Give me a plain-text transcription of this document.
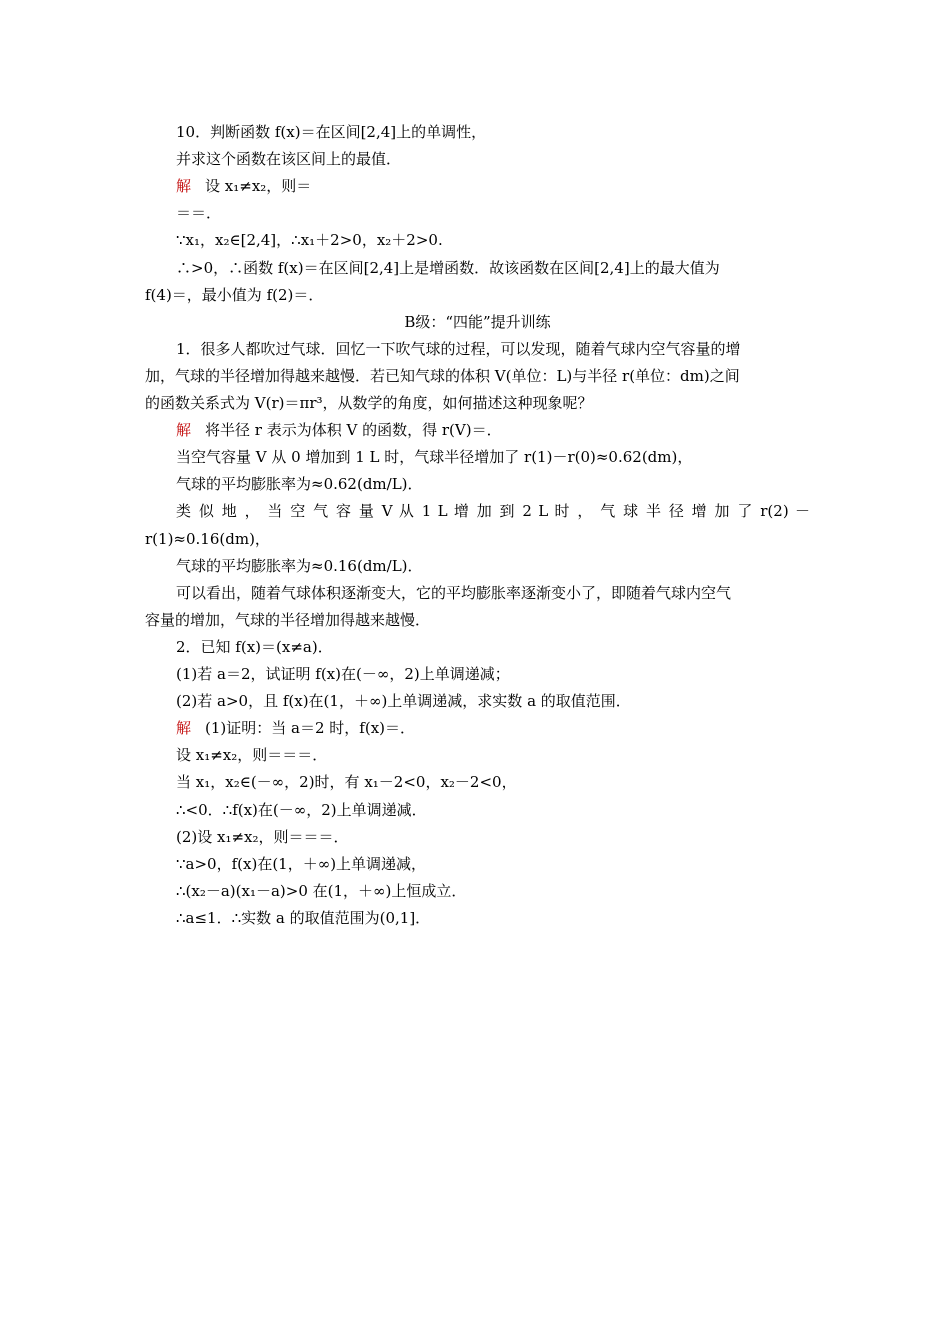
10．判断函数 f(x)＝在区间[2,4]上的单调性，
并求这个函数在该区间上的最值．
解 设 x₁≠x₂，则＝
＝＝．
∵x₁，x₂∈[2,4]，∴x₁＋2>0，x₂＋2>0.
∴>0，∴函数 f(x)＝在区间[2,4]上是增函数．故该函数在区间[2,4]上的最大值为
f(4)＝，最小值为 f(2)＝．
B级：“四能”提升训练
1．很多人都吹过气球．回忆一下吹气球的过程，可以发现，随着气球内空气容量的增
加，气球的半径增加得越来越慢．若已知气球的体积 V(单位：L)与半径 r(单位：dm)之间
的函数关系式为 V(r)＝πr³，从数学的角度，如何描述这种现象呢？
解 将半径 r 表示为体积 V 的函数，得 r(V)＝．
当空气容量 V 从 0 增加到 1 L 时，气球半径增加了 r(1)－r(0)≈0.62(dm)，
气球的平均膨胀率为≈0.62(dm/L)．
类 似 地 ， 当 空 气 容 量 V 从 1 L 增 加 到 2 L 时 ， 气 球 半 径 增 加 了 r(2) －
r(1)≈0.16(dm)，
气球的平均膨胀率为≈0.16(dm/L)．
可以看出，随着气球体积逐渐变大，它的平均膨胀率逐渐变小了，即随着气球内空气
容量的增加，气球的半径增加得越来越慢．
2．已知 f(x)＝(x≠a)．
(1)若 a＝2，试证明 f(x)在(－∞，2)上单调递减；
(2)若 a>0，且 f(x)在(1，＋∞)上单调递减，求实数 a 的取值范围．
解 (1)证明：当 a＝2 时，f(x)＝．
设 x₁≠x₂，则＝＝＝．
当 x₁，x₂∈(－∞，2)时，有 x₁－2<0，x₂－2<0，
∴<0．∴f(x)在(－∞，2)上单调递减．
(2)设 x₁≠x₂，则＝＝＝．
∵a>0，f(x)在(1，＋∞)上单调递减，
∴(x₂－a)(x₁－a)>0 在(1，＋∞)上恒成立．
∴a≤1．∴实数 a 的取值范围为(0,1]．
